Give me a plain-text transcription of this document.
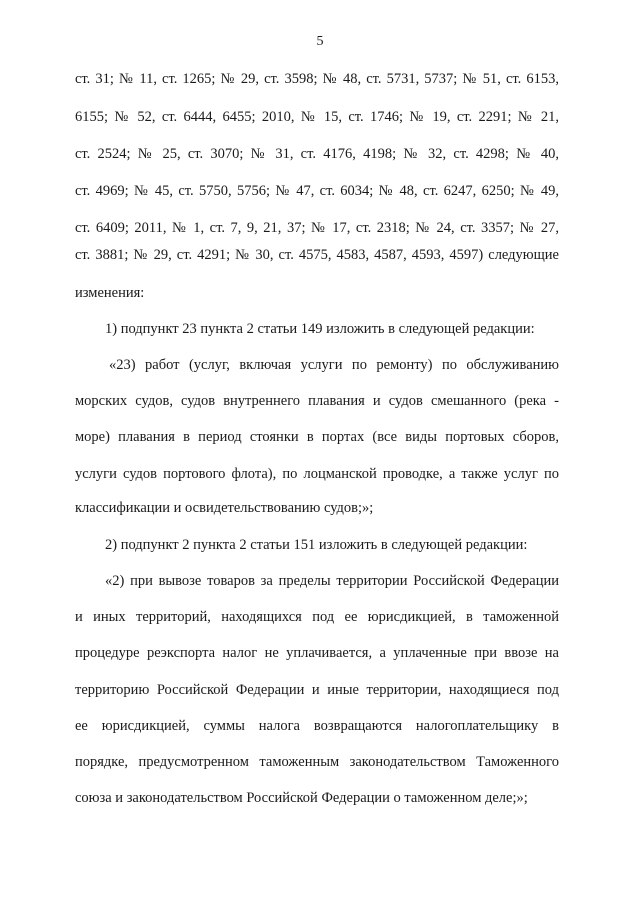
5
ст. 31; № 11, ст. 1265; № 29, ст. 3598; № 48, ст. 5731, 5737; № 51, ст. 6153,
6155; № 52, ст. 6444, 6455; 2010, № 15, ст. 1746; № 19, ст. 2291; № 21,
ст. 2524; № 25, ст. 3070; № 31, ст. 4176, 4198; № 32, ст. 4298; № 40,
ст. 4969; № 45, ст. 5750, 5756; № 47, ст. 6034; № 48, ст. 6247, 6250; № 49,
ст. 6409; 2011, № 1, ст. 7, 9, 21, 37; № 17, ст. 2318; № 24, ст. 3357; № 27,
ст. 3881; № 29, ст. 4291; № 30, ст. 4575, 4583, 4587, 4593, 4597) следующие
изменения:
1) подпункт 23 пункта 2 статьи 149 изложить в следующей редакции:
«23) работ (услуг, включая услуги по ремонту) по обслуживанию
морских судов, судов внутреннего плавания и судов смешанного (река -
море) плавания в период стоянки в портах (все виды портовых сборов,
услуги судов портового флота), по лоцманской проводке, а также услуг по
классификации и освидетельствованию судов;»;
2) подпункт 2 пункта 2 статьи 151 изложить в следующей редакции:
«2) при вывозе товаров за пределы территории Российской Федерации
и иных территорий, находящихся под ее юрисдикцией, в таможенной
процедуре реэкспорта налог не уплачивается, а уплаченные при ввозе на
территорию Российской Федерации и иные территории, находящиеся под
ее юрисдикцией, суммы налога возвращаются налогоплательщику в
порядке, предусмотренном таможенным законодательством Таможенного
союза и законодательством Российской Федерации о таможенном деле;»;
